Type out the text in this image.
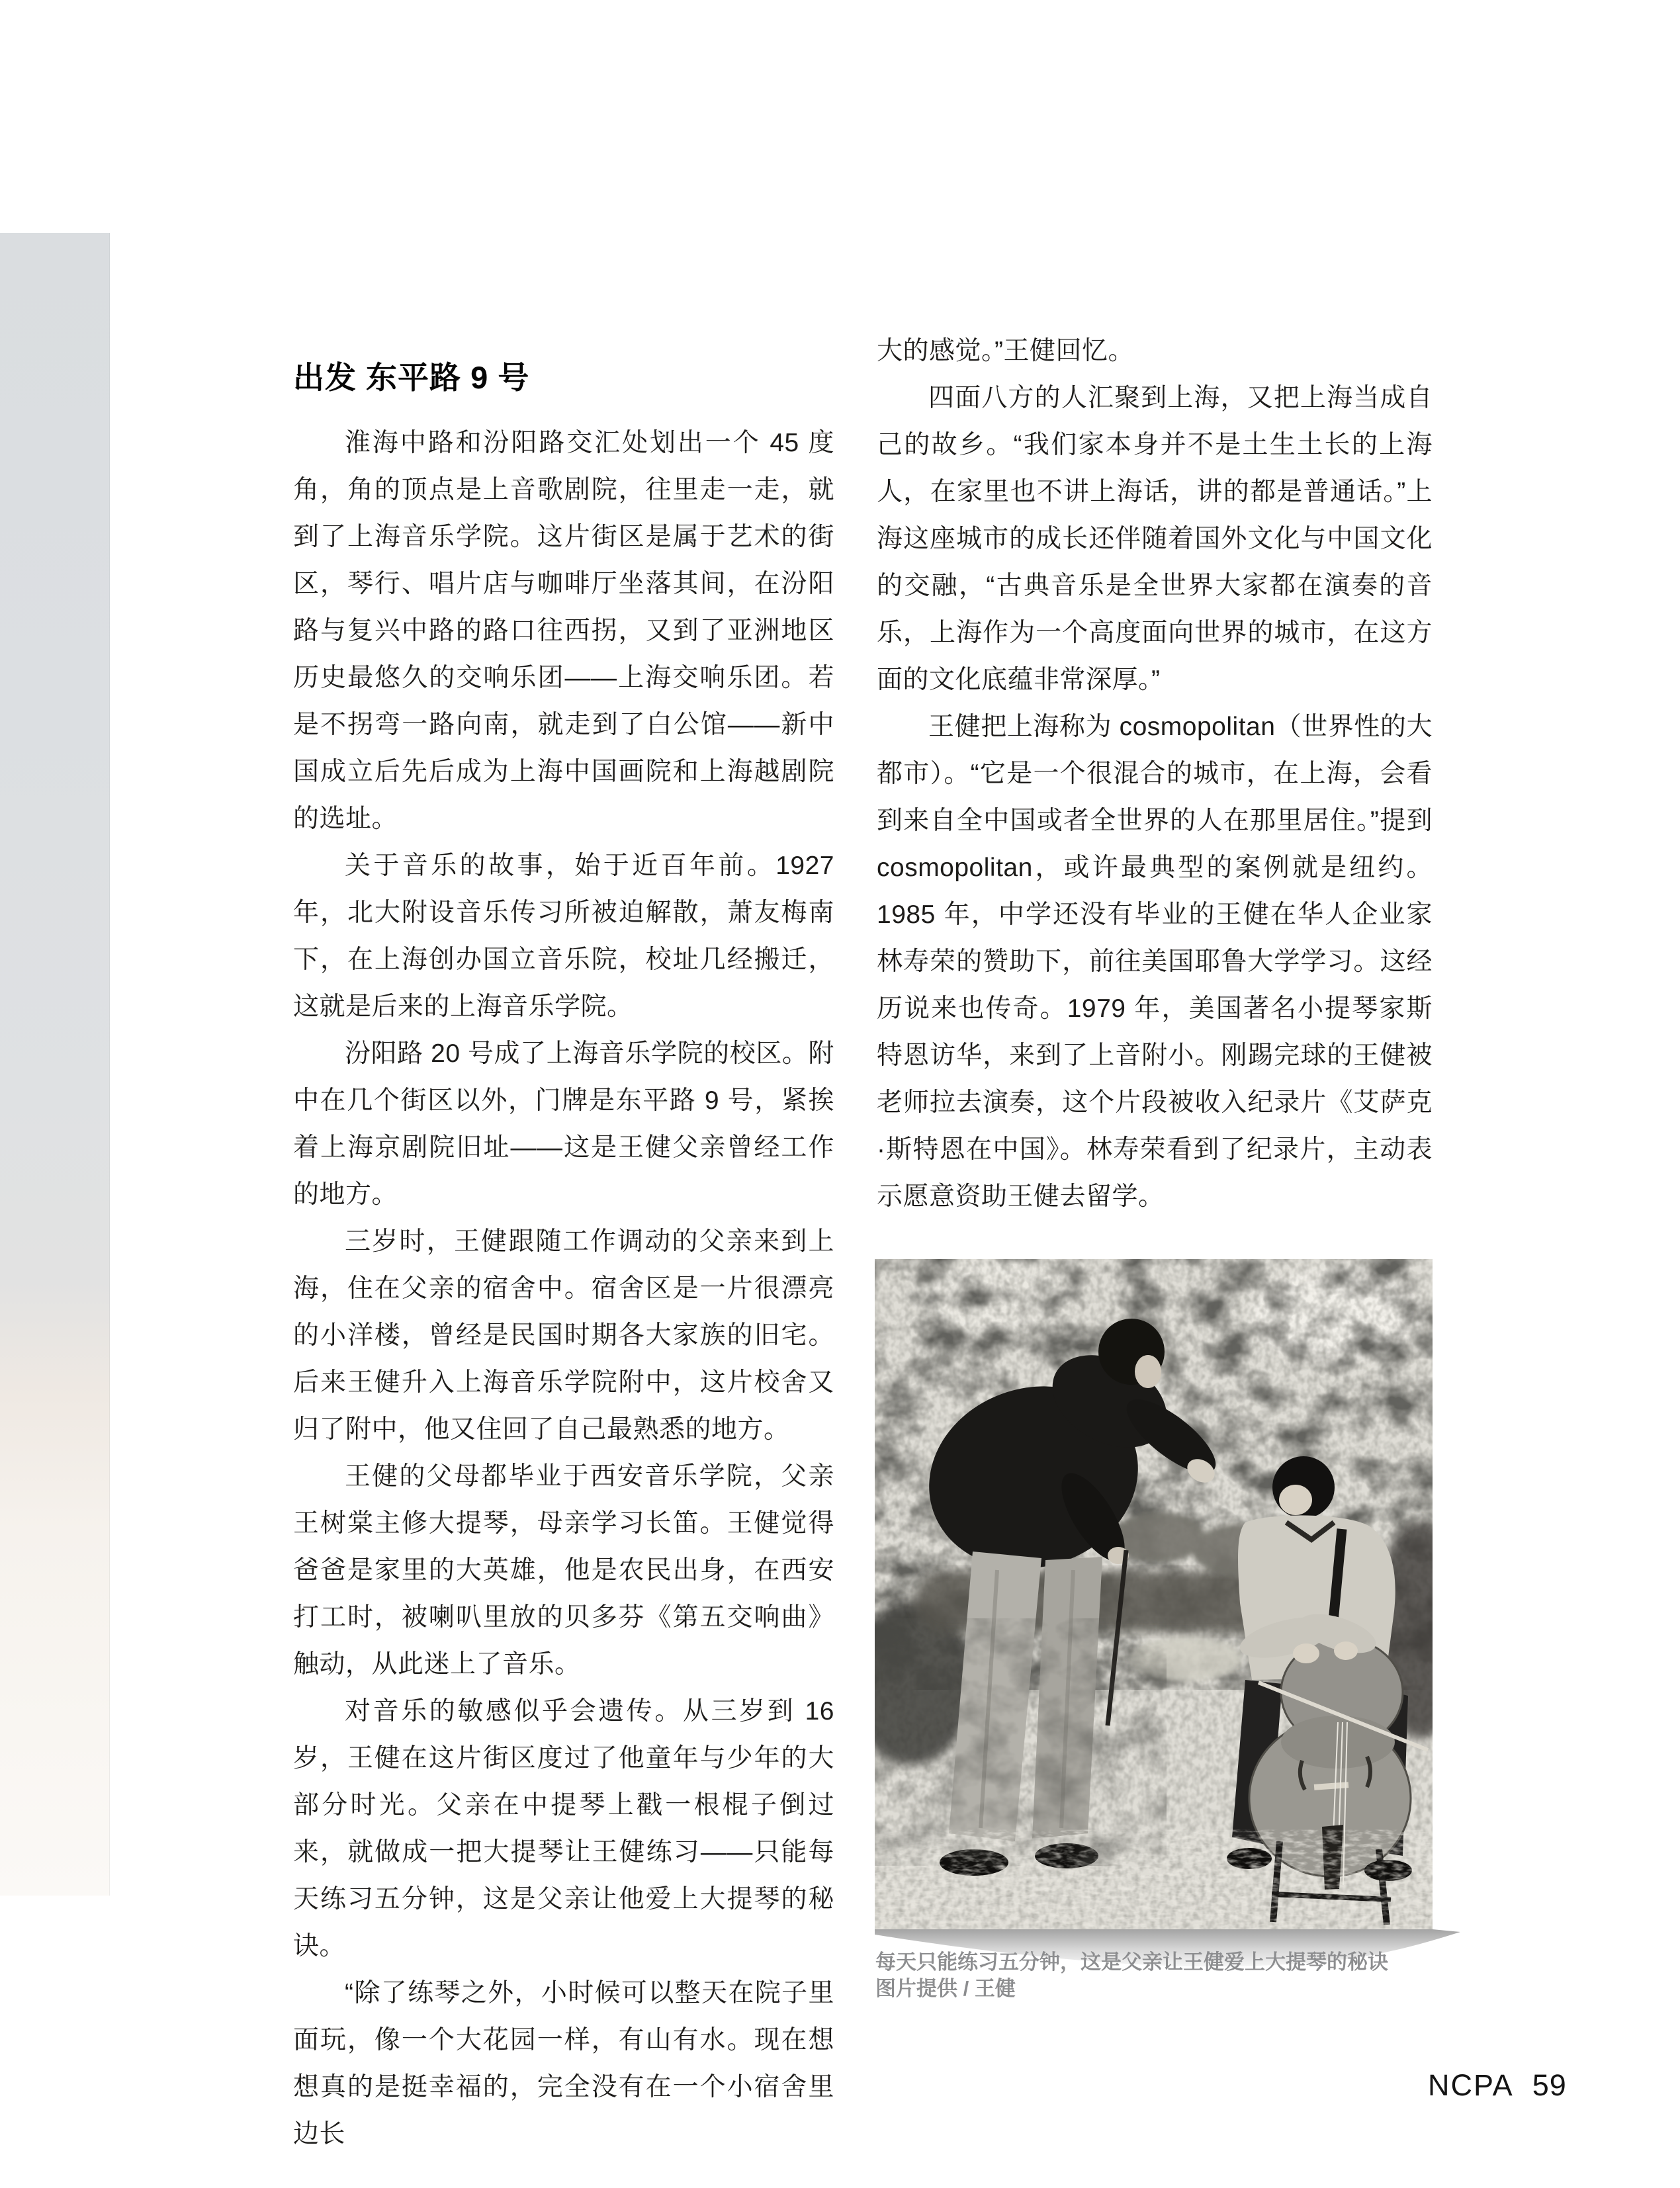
出发 东平路 9 号

淮海中路和汾阳路交汇处划出一个 45 度角，角的顶点是上音歌剧院，往里走一走，就到了上海音乐学院。这片街区是属于艺术的街区，琴行、唱片店与咖啡厅坐落其间，在汾阳路与复兴中路的路口往西拐，又到了亚洲地区历史最悠久的交响乐团——上海交响乐团。若是不拐弯一路向南，就走到了白公馆——新中国成立后先后成为上海中国画院和上海越剧院的选址。

关于音乐的故事，始于近百年前。1927 年，北大附设音乐传习所被迫解散，萧友梅南下，在上海创办国立音乐院，校址几经搬迁，这就是后来的上海音乐学院。

汾阳路 20 号成了上海音乐学院的校区。附中在几个街区以外，门牌是东平路 9 号，紧挨着上海京剧院旧址——这是王健父亲曾经工作的地方。

三岁时，王健跟随工作调动的父亲来到上海，住在父亲的宿舍中。宿舍区是一片很漂亮的小洋楼，曾经是民国时期各大家族的旧宅。后来王健升入上海音乐学院附中，这片校舍又归了附中，他又住回了自己最熟悉的地方。

王健的父母都毕业于西安音乐学院，父亲王树棠主修大提琴，母亲学习长笛。王健觉得爸爸是家里的大英雄，他是农民出身，在西安打工时，被喇叭里放的贝多芬《第五交响曲》触动，从此迷上了音乐。

对音乐的敏感似乎会遗传。从三岁到 16 岁，王健在这片街区度过了他童年与少年的大部分时光。父亲在中提琴上戳一根棍子倒过来，就做成一把大提琴让王健练习——只能每天练习五分钟，这是父亲让他爱上大提琴的秘诀。

“除了练琴之外，小时候可以整天在院子里面玩，像一个大花园一样，有山有水。现在想想真的是挺幸福的，完全没有在一个小宿舍里边长

大的感觉。”王健回忆。

四面八方的人汇聚到上海，又把上海当成自己的故乡。“我们家本身并不是土生土长的上海人，在家里也不讲上海话，讲的都是普通话。”上海这座城市的成长还伴随着国外文化与中国文化的交融，“古典音乐是全世界大家都在演奏的音乐，上海作为一个高度面向世界的城市，在这方面的文化底蕴非常深厚。”

王健把上海称为 cosmopolitan（世界性的大都市）。“它是一个很混合的城市，在上海，会看到来自全中国或者全世界的人在那里居住。”提到 cosmopolitan，或许最典型的案例就是纽约。1985 年，中学还没有毕业的王健在华人企业家林寿荣的赞助下，前往美国耶鲁大学学习。这经历说来也传奇。1979 年，美国著名小提琴家斯特恩访华，来到了上音附小。刚踢完球的王健被老师拉去演奏，这个片段被收入纪录片《艾萨克·斯特恩在中国》。林寿荣看到了纪录片，主动表示愿意资助王健去留学。

每天只能练习五分钟，这是父亲让王健爱上大提琴的秘诀
图片提供 / 王健
NCPA 59
